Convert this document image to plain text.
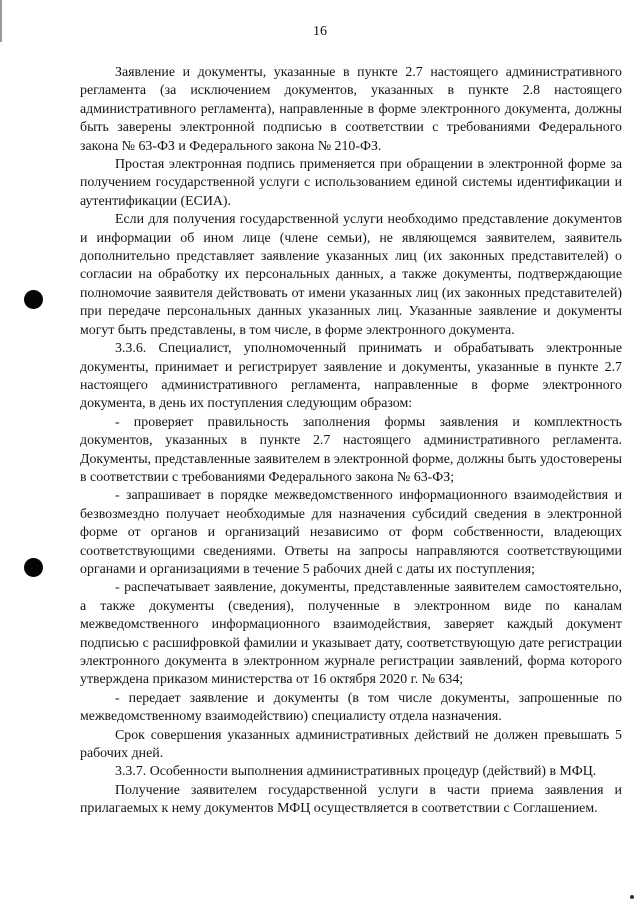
16

Заявление и документы, указанные в пункте 2.7 настоящего административного регламента (за исключением документов, указанных в пункте 2.8 настоящего административного регламента), направленные в форме электронного документа, должны быть заверены электронной подписью в соответствии с требованиями Федерального закона № 63-ФЗ и Федерального закона № 210-ФЗ.

Простая электронная подпись применяется при обращении в электронной форме за получением государственной услуги с использованием единой системы идентификации и аутентификации (ЕСИА).

Если для получения государственной услуги необходимо представление документов и информации об ином лице (члене семьи), не являющемся заявителем, заявитель дополнительно представляет заявление указанных лиц (их законных представителей) о согласии на обработку их персональных данных, а также документы, подтверждающие полномочие заявителя действовать от имени указанных лиц (их законных представителей) при передаче персональных данных указанных лиц. Указанные заявление и документы могут быть представлены, в том числе, в форме электронного документа.

3.3.6. Специалист, уполномоченный принимать и обрабатывать электронные документы, принимает и регистрирует заявление и документы, указанные в пункте 2.7 настоящего административного регламента, направленные в форме электронного документа, в день их поступления следующим образом:

- проверяет правильность заполнения формы заявления и комплектность документов, указанных в пункте 2.7 настоящего административного регламента. Документы, представленные заявителем в электронной форме, должны быть удостоверены в соответствии с требованиями Федерального закона № 63-ФЗ;

- запрашивает в порядке межведомственного информационного взаимодействия и безвозмездно получает необходимые для назначения субсидий сведения в электронной форме от органов и организаций независимо от форм собственности, владеющих соответствующими сведениями. Ответы на запросы направляются соответствующими органами и организациями в течение 5 рабочих дней с даты их поступления;

- распечатывает заявление, документы, представленные заявителем самостоятельно, а также документы (сведения), полученные в электронном виде по каналам межведомственного информационного взаимодействия, заверяет каждый документ подписью с расшифровкой фамилии и указывает дату, соответствующую дате регистрации электронного документа в электронном журнале регистрации заявлений, форма которого утверждена приказом министерства от 16 октября 2020 г. № 634;

- передает заявление и документы (в том числе документы, запрошенные по межведомственному взаимодействию) специалисту отдела назначения.

Срок совершения указанных административных действий не должен превышать 5 рабочих дней.

3.3.7. Особенности выполнения административных процедур (действий) в МФЦ.

Получение заявителем государственной услуги в части приема заявления и прилагаемых к нему документов МФЦ осуществляется в соответствии с Соглашением.
